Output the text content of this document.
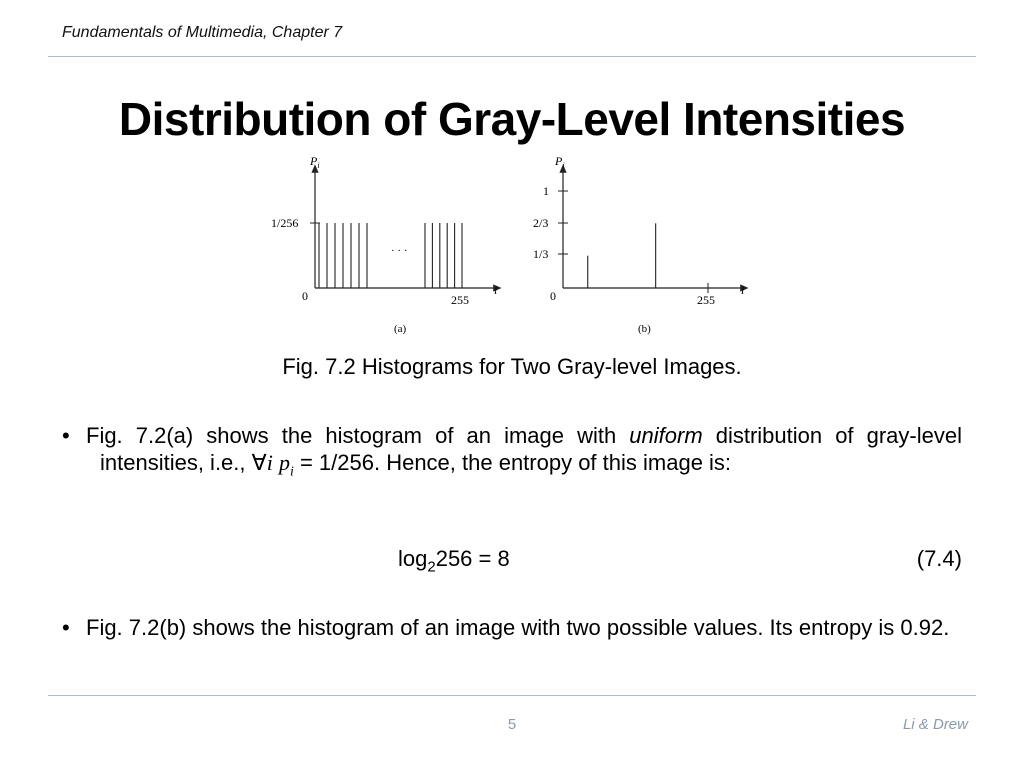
Fundamentals of Multimedia, Chapter 7
Distribution of Gray-Level Intensities
$P_i$
1/256
· · ·
0	255
i
(a)
$P_i$
1
2/3
1/3
0	255
i
(b)
Fig. 7.2 Histograms for Two Gray-level Images.
• Fig. 7.2(a) shows the histogram of an image with uniform distribution of gray-level intensities, i.e., ∀i $p_i = 1/256$. Hence, the entropy of this image is:
$\log_2256 = 8$	(7.4)
• Fig. 7.2(b) shows the histogram of an image with two possible values. Its entropy is 0.92.
5	Li & Drew
